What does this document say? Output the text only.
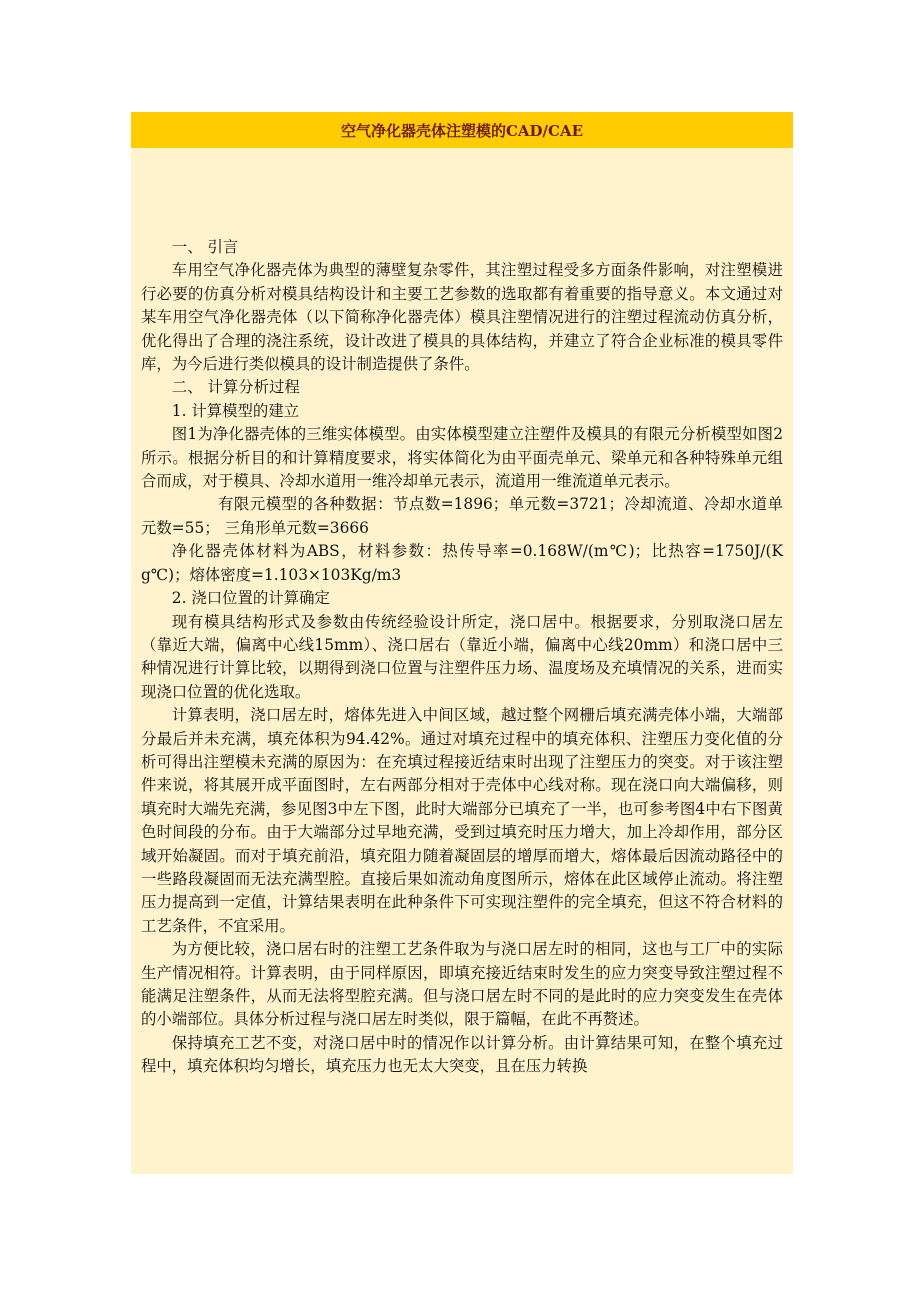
空气净化器壳体注塑模的CAD/CAE

一、 引言

车用空气净化器壳体为典型的薄壁复杂零件，其注塑过程受多方面条件影响，对注塑模进行必要的仿真分析对模具结构设计和主要工艺参数的选取都有着重要的指导意义。本文通过对某车用空气净化器壳体（以下简称净化器壳体）模具注塑情况进行的注塑过程流动仿真分析，优化得出了合理的浇注系统，设计改进了模具的具体结构，并建立了符合企业标准的模具零件库，为今后进行类似模具的设计制造提供了条件。

二、 计算分析过程

1. 计算模型的建立

图1为净化器壳体的三维实体模型。由实体模型建立注塑件及模具的有限元分析模型如图2所示。根据分析目的和计算精度要求，将实体简化为由平面壳单元、梁单元和各种特殊单元组合而成，对于模具、冷却水道用一维冷却单元表示，流道用一维流道单元表示。

有限元模型的各种数据：节点数=1896；单元数=3721；冷却流道、冷却水道单元数=55； 三角形单元数=3666

净化器壳体材料为ABS，材料参数：热传导率=0.168W/(m℃)；比热容=1750J/(Kg℃)；熔体密度=1.103×103Kg/m3

2. 浇口位置的计算确定

现有模具结构形式及参数由传统经验设计所定，浇口居中。根据要求，分别取浇口居左（靠近大端，偏离中心线15mm）、浇口居右（靠近小端，偏离中心线20mm）和浇口居中三种情况进行计算比较，以期得到浇口位置与注塑件压力场、温度场及充填情况的关系，进而实现浇口位置的优化选取。

计算表明，浇口居左时，熔体先进入中间区域，越过整个网栅后填充满壳体小端，大端部分最后并未充满，填充体积为94.42%。通过对填充过程中的填充体积、注塑压力变化值的分析可得出注塑模未充满的原因为：在充填过程接近结束时出现了注塑压力的突变。对于该注塑件来说，将其展开成平面图时，左右两部分相对于壳体中心线对称。现在浇口向大端偏移，则填充时大端先充满，参见图3中左下图，此时大端部分已填充了一半，也可参考图4中右下图黄色时间段的分布。由于大端部分过早地充满，受到过填充时压力增大，加上冷却作用，部分区域开始凝固。而对于填充前沿，填充阻力随着凝固层的增厚而增大，熔体最后因流动路径中的一些路段凝固而无法充满型腔。直接后果如流动角度图所示，熔体在此区域停止流动。将注塑压力提高到一定值，计算结果表明在此种条件下可实现注塑件的完全填充，但这不符合材料的工艺条件，不宜采用。

为方便比较，浇口居右时的注塑工艺条件取为与浇口居左时的相同，这也与工厂中的实际生产情况相符。计算表明，由于同样原因，即填充接近结束时发生的应力突变导致注塑过程不能满足注塑条件，从而无法将型腔充满。但与浇口居左时不同的是此时的应力突变发生在壳体的小端部位。具体分析过程与浇口居左时类似，限于篇幅，在此不再赘述。

保持填充工艺不变，对浇口居中时的情况作以计算分析。由计算结果可知，在整个填充过程中，填充体积均匀增长，填充压力也无太大突变，且在压力转换
